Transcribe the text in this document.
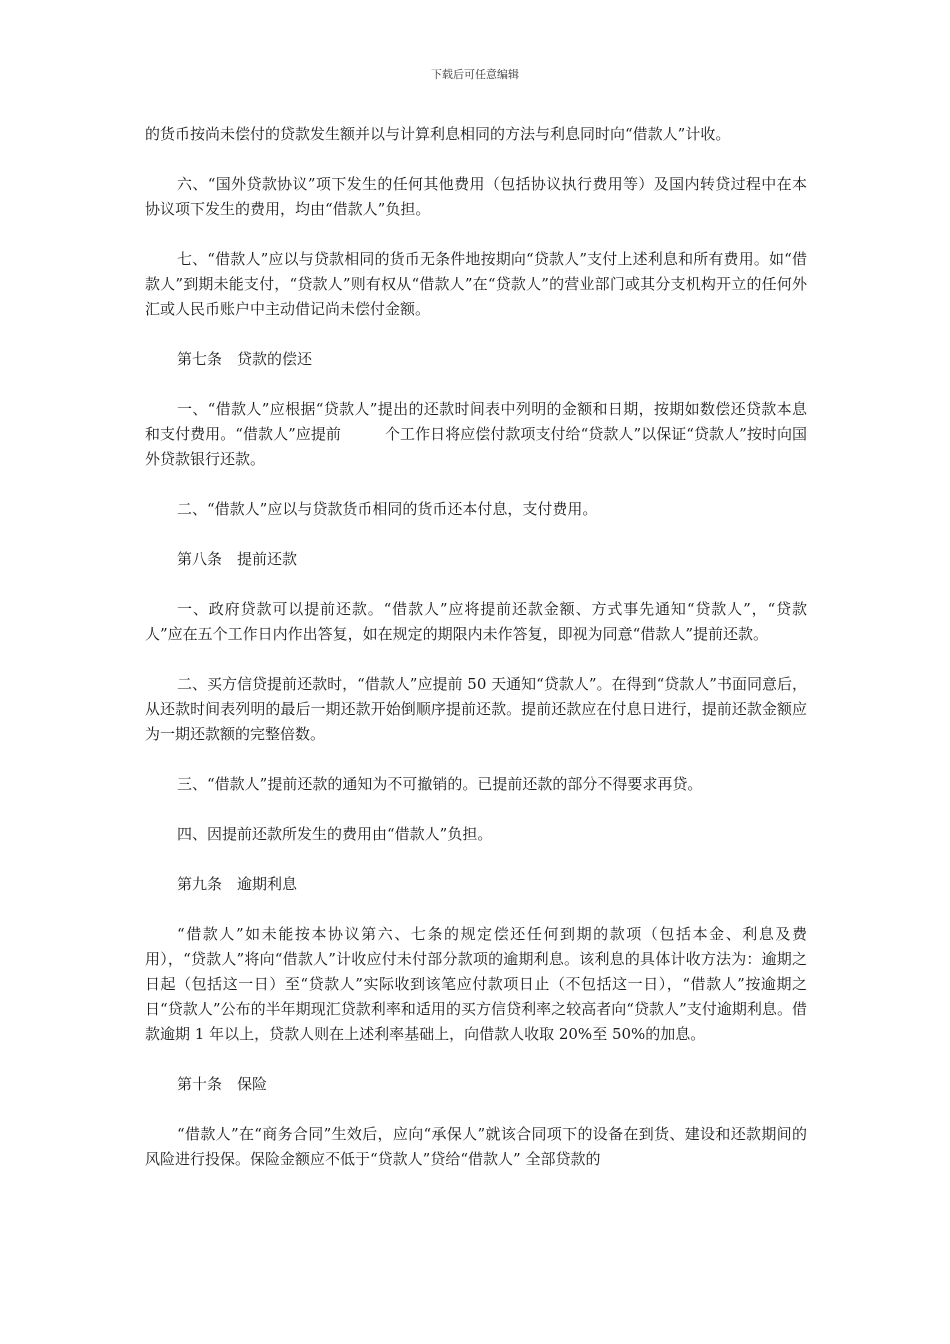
下载后可任意编辑

的货币按尚未偿付的贷款发生额并以与计算利息相同的方法与利息同时向“借款人”计收。

六、“国外贷款协议”项下发生的任何其他费用（包括协议执行费用等）及国内转贷过程中在本协议项下发生的费用，均由“借款人”负担。

七、“借款人”应以与贷款相同的货币无条件地按期向“贷款人”支付上述利息和所有费用。如“借款人”到期未能支付，“贷款人”则有权从“借款人”在“贷款人”的营业部门或其分支机构开立的任何外汇或人民币账户中主动借记尚未偿付金额。

第七条 贷款的偿还

一、“借款人”应根据“贷款人”提出的还款时间表中列明的金额和日期，按期如数偿还贷款本息和支付费用。“借款人”应提前	个工作日将应偿付款项支付给“贷款人”以保证“贷款人”按时向国外贷款银行还款。

二、“借款人”应以与贷款货币相同的货币还本付息，支付费用。

第八条 提前还款

一、政府贷款可以提前还款。“借款人”应将提前还款金额、方式事先通知“贷款人”，“贷款人”应在五个工作日内作出答复，如在规定的期限内未作答复，即视为同意“借款人”提前还款。

二、买方信贷提前还款时，“借款人”应提前 50 天通知“贷款人”。在得到“贷款人”书面同意后，从还款时间表列明的最后一期还款开始倒顺序提前还款。提前还款应在付息日进行，提前还款金额应为一期还款额的完整倍数。

三、“借款人”提前还款的通知为不可撤销的。已提前还款的部分不得要求再贷。

四、因提前还款所发生的费用由“借款人”负担。

第九条 逾期利息

“借款人”如未能按本协议第六、七条的规定偿还任何到期的款项（包括本金、利息及费用），“贷款人”将向“借款人”计收应付未付部分款项的逾期利息。该利息的具体计收方法为：逾期之日起（包括这一日）至“贷款人”实际收到该笔应付款项日止（不包括这一日），“借款人”按逾期之日“贷款人”公布的半年期现汇贷款利率和适用的买方信贷利率之较高者向“贷款人”支付逾期利息。借款逾期 1 年以上，贷款人则在上述利率基础上，向借款人收取 20%至 50%的加息。

第十条 保险

“借款人”在“商务合同”生效后，应向“承保人”就该合同项下的设备在到货、建设和还款期间的风险进行投保。保险金额应不低于“贷款人”贷给“借款人” 全部贷款的
